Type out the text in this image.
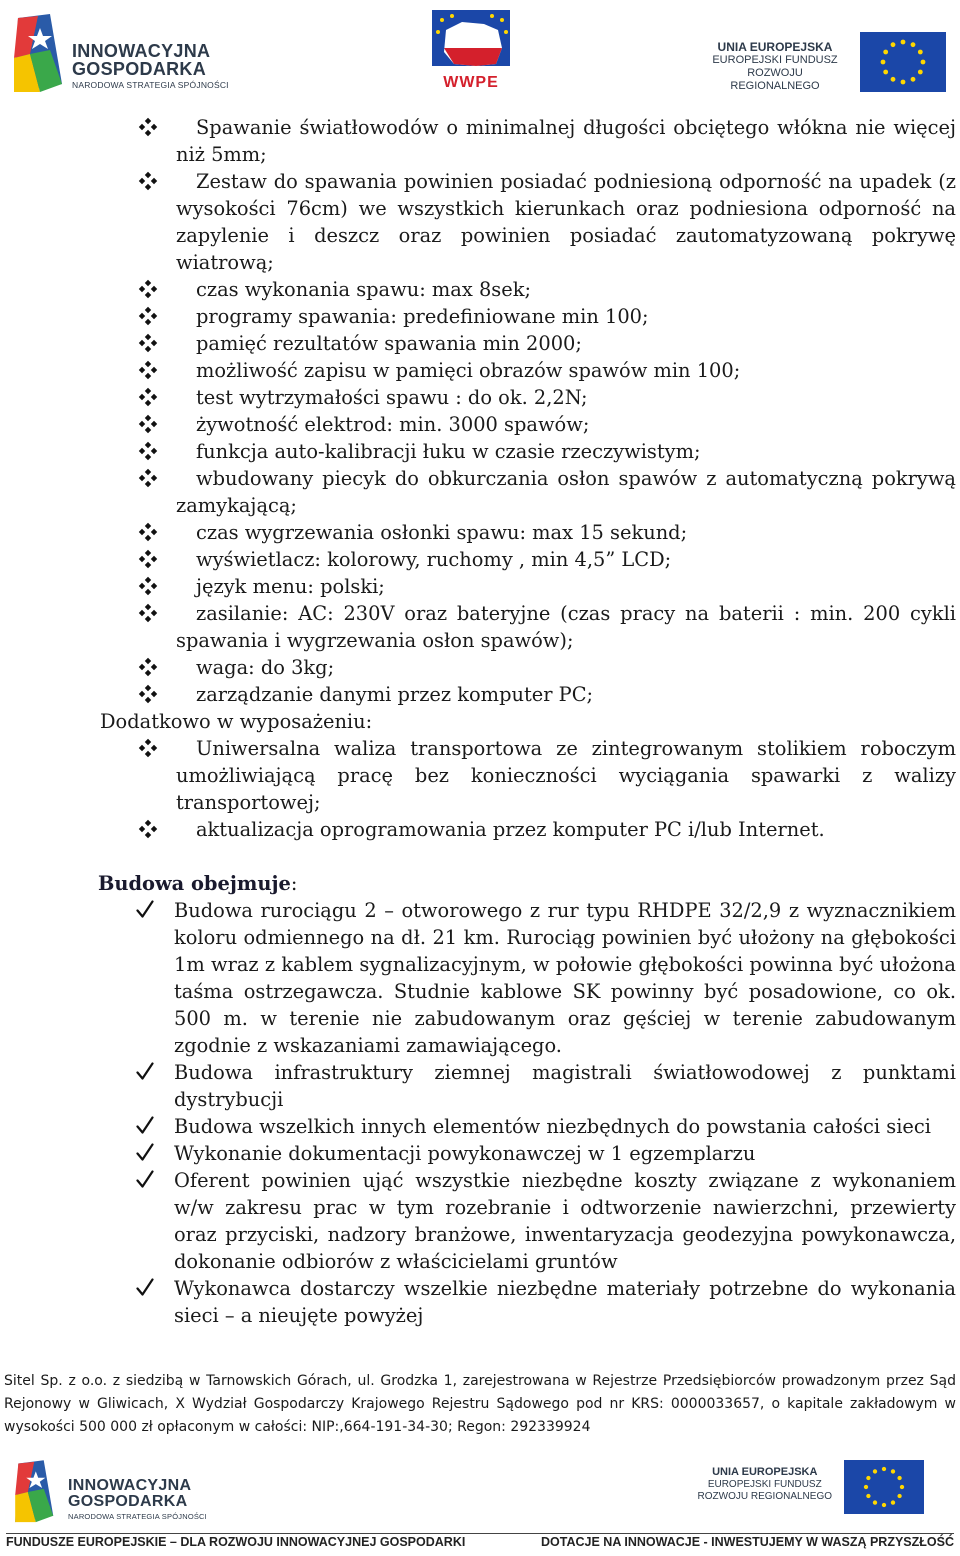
INNOWACYJNA
GOSPODARKA
NARODOWA STRATEGIA SPÓJNOŚCI	WWPE
UNIA EUROPEJSKA
EUROPEJSKI FUNDUSZ
ROZWOJU REGIONALNEGO
Spawanie światłowodów o minimalnej długości obciętego włókna nie więcej niż 5mm;
Zestaw do spawania powinien posiadać podniesioną odporność na upadek (z wysokości 76cm) we wszystkich kierunkach oraz podniesiona odporność na zapylenie i deszcz oraz powinien posiadać zautomatyzowaną pokrywę wiatrową;
czas wykonania spawu: max 8sek;
programy spawania: predefiniowane min 100;
pamięć rezultatów spawania min 2000;
możliwość zapisu w pamięci obrazów spawów min 100;
test wytrzymałości spawu : do ok. 2,2N;
żywotność elektrod: min. 3000 spawów;
funkcja auto-kalibracji łuku w czasie rzeczywistym;
wbudowany piecyk do obkurczania osłon spawów z automatyczną pokrywą zamykającą;
czas wygrzewania osłonki spawu: max 15 sekund;
wyświetlacz: kolorowy, ruchomy , min 4,5” LCD;
język menu: polski;
zasilanie: AC: 230V oraz bateryjne (czas pracy na baterii : min. 200 cykli spawania i wygrzewania osłon spawów);
waga: do 3kg;
zarządzanie danymi przez komputer PC;
Dodatkowo w wyposażeniu:
Uniwersalna waliza transportowa ze zintegrowanym stolikiem roboczym umożliwiającą pracę bez konieczności wyciągania spawarki z walizy transportowej;
aktualizacja oprogramowania przez komputer PC i/lub Internet.
Budowa obejmuje:
Budowa rurociągu 2 – otworowego z rur typu RHDPE 32/2,9 z wyznacznikiem koloru odmiennego na dł. 21 km. Rurociąg powinien być ułożony na głębokości 1m wraz z kablem sygnalizacyjnym, w połowie głębokości powinna być ułożona taśma ostrzegawcza. Studnie kablowe SK powinny być posadowione, co ok. 500 m. w terenie nie zabudowanym oraz gęściej w terenie zabudowanym zgodnie z wskazaniami zamawiającego.
Budowa infrastruktury ziemnej magistrali światłowodowej z punktami dystrybucji
Budowa wszelkich innych elementów niezbędnych do powstania całości sieci
Wykonanie dokumentacji powykonawczej w 1 egzemplarzu
Oferent powinien ująć wszystkie niezbędne koszty związane z wykonaniem w/w zakresu prac w tym rozebranie i odtworzenie nawierzchni, przewierty oraz przyciski, nadzory branżowe, inwentaryzacja geodezyjna powykonawcza, dokonanie odbiorów z właścicielami gruntów
Wykonawca dostarczy wszelkie niezbędne materiały potrzebne do wykonania sieci – a nieujęte powyżej
Sitel Sp. z o.o. z siedzibą w Tarnowskich Górach, ul. Grodzka 1, zarejestrowana w Rejestrze Przedsiębiorców prowadzonym przez Sąd Rejonowy w Gliwicach, X Wydział Gospodarczy Krajowego Rejestru Sądowego pod nr KRS: 0000033657, o kapitale zakładowym w wysokości 500 000 zł opłaconym w całości: NIP:,664-191-34-30; Regon: 292339924
INNOWACYJNA
GOSPODARKA
NARODOWA STRATEGIA SPÓJNOŚCI
UNIA EUROPEJSKA
EUROPEJSKI FUNDUSZ
ROZWOJU REGIONALNEGO
FUNDUSZE EUROPEJSKIE – DLA ROZWOJU INNOWACYJNEJ GOSPODARKI	DOTACJE NA INNOWACJE - INWESTUJEMY W WASZĄ PRZYSZŁOŚĆ
